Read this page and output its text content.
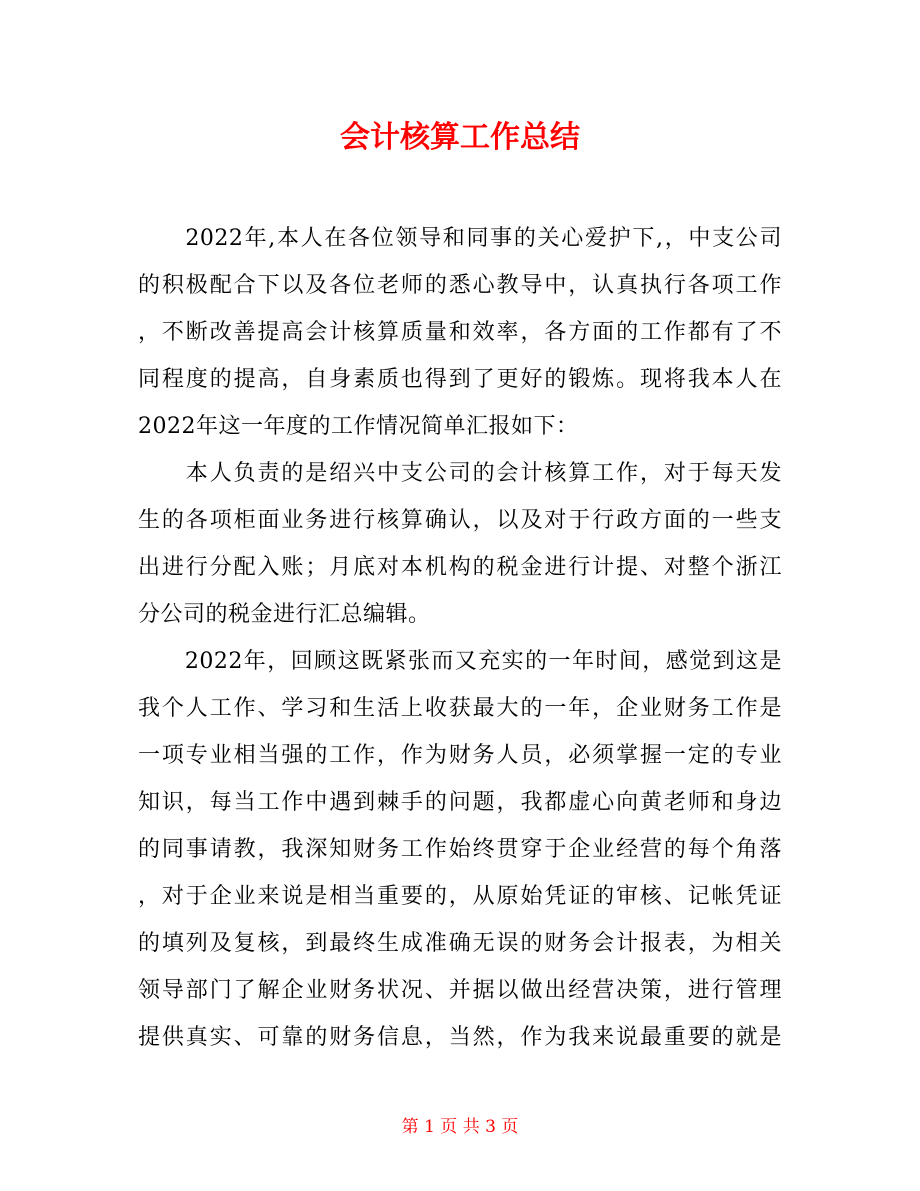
会计核算工作总结
　　2022年,本人在各位领导和同事的关心爱护下,，中支公司
的积极配合下以及各位老师的悉心教导中，认真执行各项工作
，不断改善提高会计核算质量和效率，各方面的工作都有了不
同程度的提高，自身素质也得到了更好的锻炼。现将我本人在
2022年这一年度的工作情况简单汇报如下：
　　本人负责的是绍兴中支公司的会计核算工作，对于每天发
生的各项柜面业务进行核算确认，以及对于行政方面的一些支
出进行分配入账；月底对本机构的税金进行计提、对整个浙江
分公司的税金进行汇总编辑。
　　2022年，回顾这既紧张而又充实的一年时间，感觉到这是
我个人工作、学习和生活上收获最大的一年，企业财务工作是
一项专业相当强的工作，作为财务人员，必须掌握一定的专业
知识，每当工作中遇到棘手的问题，我都虚心向黄老师和身边
的同事请教，我深知财务工作始终贯穿于企业经营的每个角落
，对于企业来说是相当重要的，从原始凭证的审核、记帐凭证
的填列及复核，到最终生成准确无误的财务会计报表，为相关
领导部门了解企业财务状况、并据以做出经营决策，进行管理
提供真实、可靠的财务信息，当然，作为我来说最重要的就是
第 1 页 共 3 页
